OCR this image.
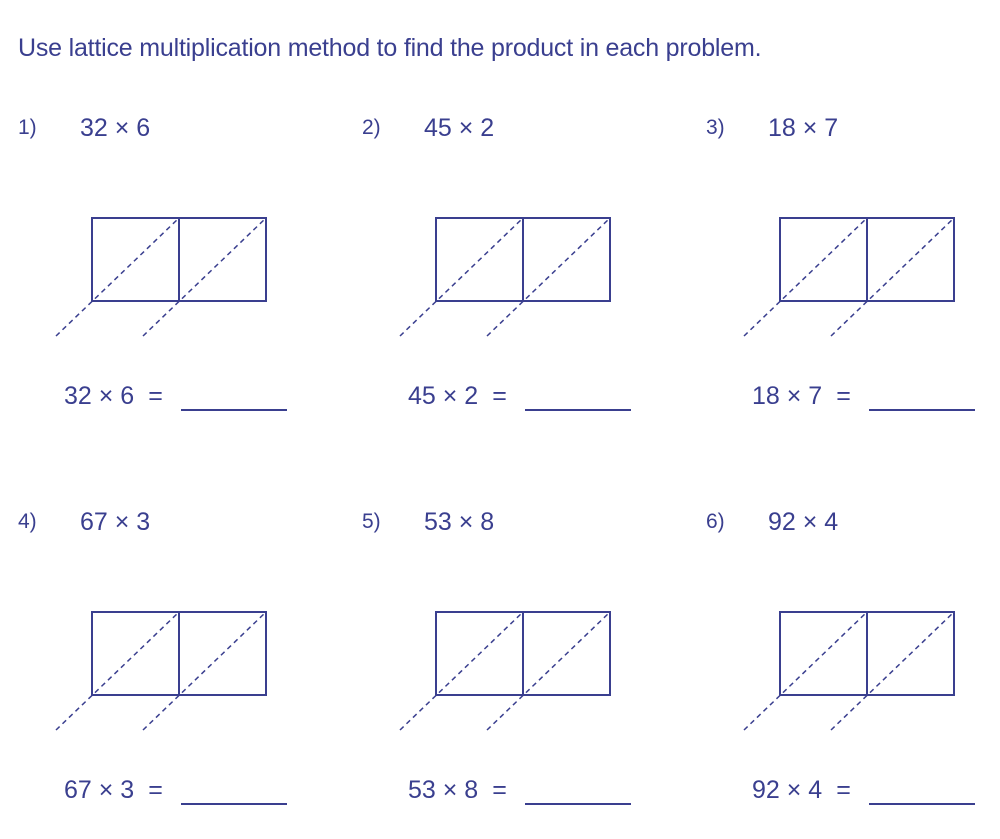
Use lattice multiplication method to find the product in each problem.
1) 32 × 6
32 × 6 =
2) 45 × 2
45 × 2 =
3) 18 × 7
18 × 7 =
4) 67 × 3
67 × 3 =
5) 53 × 8
53 × 8 =
6) 92 × 4
92 × 4 =
